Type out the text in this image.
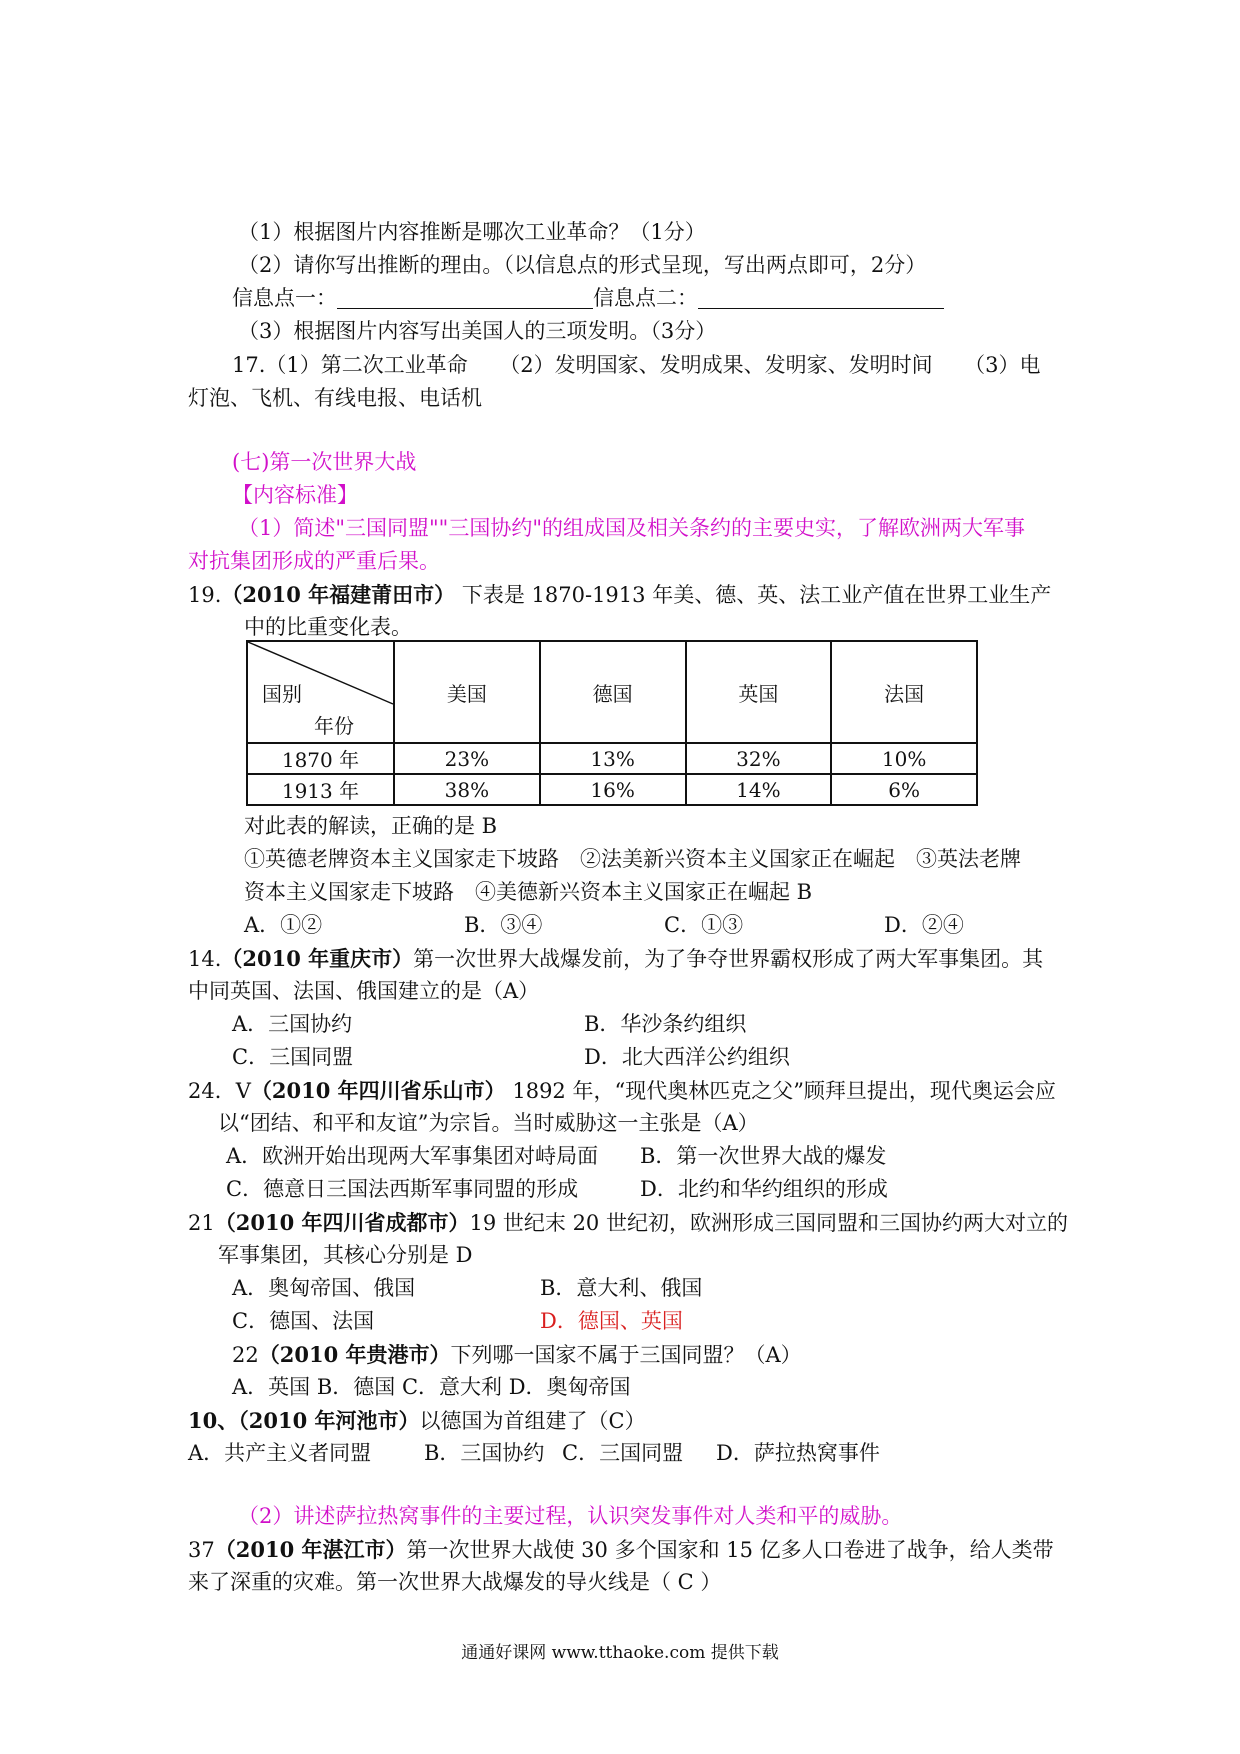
（1）根据图片内容推断是哪次工业革命？（1分）
（2）请你写出推断的理由。（以信息点的形式呈现，写出两点即可，2分）
信息点一：	信息点二：
（3）根据图片内容写出美国人的三项发明。（3分）
17.（1）第二次工业革命　　（2）发明国家、发明成果、发明家、发明时间　　（3）电
灯泡、飞机、有线电报、电话机
(七)第一次世界大战
【内容标准】
（1）简述"三国同盟""三国协约"的组成国及相关条约的主要史实，了解欧洲两大军事
对抗集团形成的严重后果。
19.（2010 年福建莆田市） 下表是 1870-1913 年美、德、英、法工业产值在世界工业生产
中的比重变化表。
国别
年份	美国	德国	英国	法国
1870 年	23%	13%	32%	10%
1913 年	38%	16%	14%	6%
对此表的解读，正确的是 B
①英德老牌资本主义国家走下坡路　②法美新兴资本主义国家正在崛起　③英法老牌
资本主义国家走下坡路　④美德新兴资本主义国家正在崛起 B
A．①②	B．③④	C．①③	D．②④
14.（2010 年重庆市）第一次世界大战爆发前，为了争夺世界霸权形成了两大军事集团。其
中同英国、法国、俄国建立的是（A）
A．三国协约	B．华沙条约组织
C．三国同盟	D．北大西洋公约组织
24．V（2010 年四川省乐山市） 1892 年，“现代奥林匹克之父”顾拜旦提出，现代奥运会应
以“团结、和平和友谊”为宗旨。当时威胁这一主张是（A）
A．欧洲开始出现两大军事集团对峙局面 B．第一次世界大战的爆发
C．德意日三国法西斯军事同盟的形成	D．北约和华约组织的形成
21（2010 年四川省成都市）19 世纪末 20 世纪初，欧洲形成三国同盟和三国协约两大对立的
军事集团，其核心分别是 D
A．奥匈帝国、俄国	B．意大利、俄国
C．德国、法国	D．德国、英国
22（2010 年贵港市）下列哪一国家不属于三国同盟？（A）
A．英国 B．德国 C．意大利 D．奥匈帝国
10、（2010 年河池市）以德国为首组建了（C）
A．共产主义者同盟	B．三国协约 C．三国同盟 D．萨拉热窝事件
（2）讲述萨拉热窝事件的主要过程，认识突发事件对人类和平的威胁。
37（2010 年湛江市）第一次世界大战使 30 多个国家和 15 亿多人口卷进了战争，给人类带
来了深重的灾难。第一次世界大战爆发的导火线是（ C ）
通通好课网 www.tthaoke.com 提供下载
